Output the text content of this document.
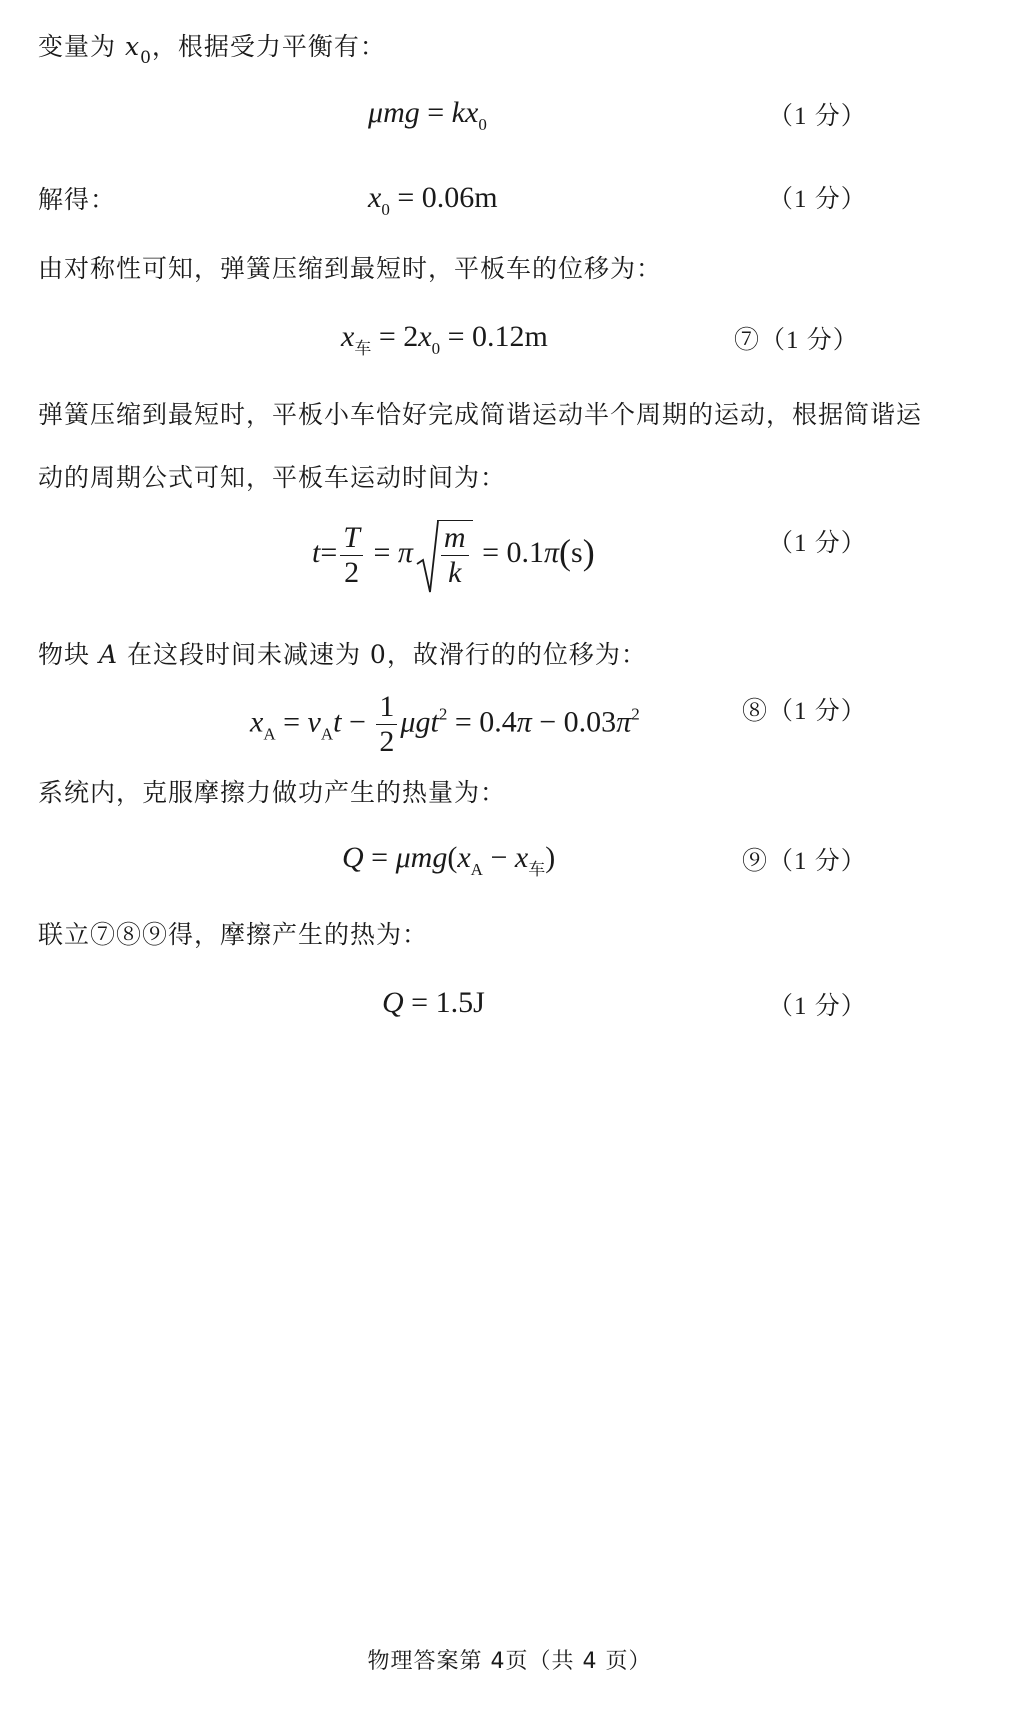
变量为 $x_0$，根据受力平衡有：
$\mu mg = kx_0$	（1 分）
解得：	$x_0 = 0.06m$	（1 分）
由对称性可知，弹簧压缩到最短时，平板车的位移为：
$x_车 = 2x_0 = 0.12m$	⑦（1 分）
弹簧压缩到最短时，平板小车恰好完成简谐运动半个周期的运动，根据简谐运
动的周期公式可知，平板车运动时间为：
$t= \frac{T}{2} = \pi \frac{m}{k} = 0.1\pi(s)$	（1 分）
物块 A 在这段时间未减速为 0，故滑行的的位移为：
$x_A = v_At - \frac{1}{2} \mu gt^2 = 0.4\pi - 0.03\pi^2$	⑧（1 分）
系统内，克服摩擦力做功产生的热量为：
$Q = \mu mg(x_A - x_车)$	⑨（1 分）
联立⑦⑧⑨得，摩擦产生的热为：
Q = 1.5J	（1 分）
物理答案第 4页（共 4 页）
